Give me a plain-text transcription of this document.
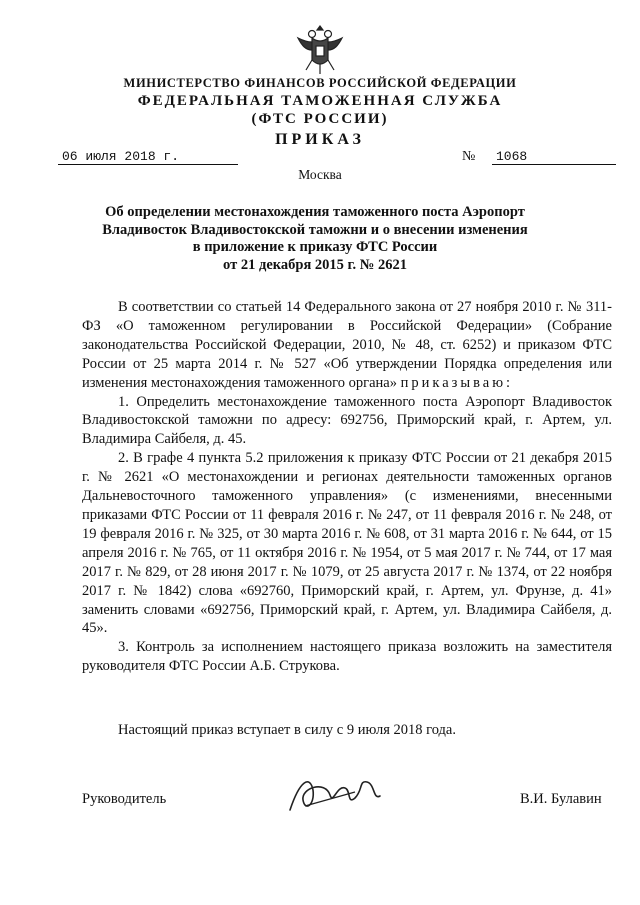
МИНИСТЕРСТВО ФИНАНСОВ РОССИЙСКОЙ ФЕДЕРАЦИИ
ФЕДЕРАЛЬНАЯ ТАМОЖЕННАЯ СЛУЖБА
(ФТС РОССИИ)
ПРИКАЗ
06 июля 2018 г.	№	1068
Москва
Об определении местонахождения таможенного поста Аэропорт
Владивосток Владивостокской таможни и о внесении изменения
в приложение к приказу ФТС России
от 21 декабря 2015 г. № 2621

В соответствии со статьей 14 Федерального закона от 27 ноября 2010 г. № 311-ФЗ «О таможенном регулировании в Российской Федерации» (Собрание законодательства Российской Федерации, 2010, № 48, ст. 6252) и приказом ФТС России от 25 марта 2014 г. № 527 «Об утверждении Порядка определения или изменения местонахождения таможенного органа» приказываю:

1. Определить местонахождение таможенного поста Аэропорт Владивосток Владивостокской таможни по адресу: 692756, Приморский край, г. Артем, ул. Владимира Сайбеля, д. 45.

2. В графе 4 пункта 5.2 приложения к приказу ФТС России от 21 декабря 2015 г. № 2621 «О местонахождении и регионах деятельности таможенных органов Дальневосточного таможенного управления» (с изменениями, внесенными приказами ФТС России от 11 февраля 2016 г. № 247, от 11 февраля 2016 г. № 248, от 19 февраля 2016 г. № 325, от 30 марта 2016 г. № 608, от 31 марта 2016 г. № 644, от 15 апреля 2016 г. № 765, от 11 октября 2016 г. № 1954, от 5 мая 2017 г. № 744, от 17 мая 2017 г. № 829, от 28 июня 2017 г. № 1079, от 25 августа 2017 г. № 1374, от 22 ноября 2017 г. № 1842) слова «692760, Приморский край, г. Артем, ул. Фрунзе, д. 41» заменить словами «692756, Приморский край, г. Артем, ул. Владимира Сайбеля, д. 45».

3. Контроль за исполнением настоящего приказа возложить на заместителя руководителя ФТС России А.Б. Струкова.

Настоящий приказ вступает в силу с 9 июля 2018 года.
Руководитель	В.И. Булавин
